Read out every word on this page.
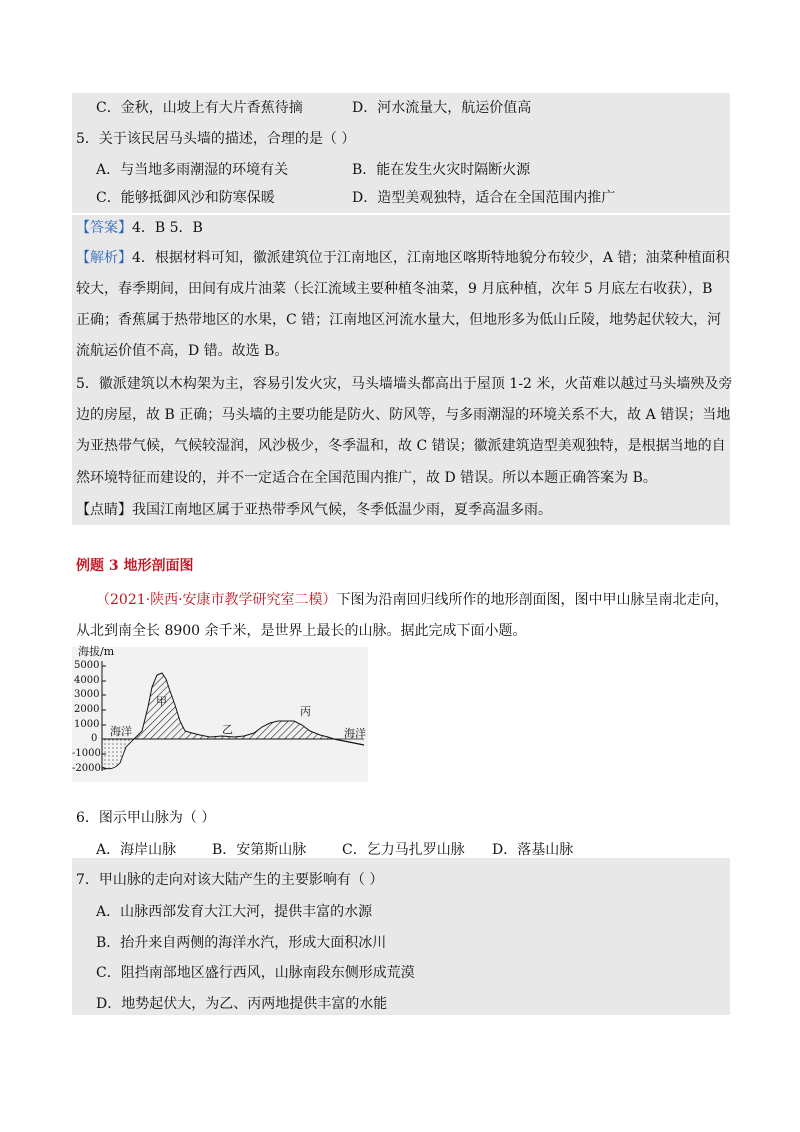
C．金秋，山坡上有大片香蕉待摘	D．河水流量大，航运价值高
5．关于该民居马头墙的描述，合理的是（ ）
A．与当地多雨潮湿的环境有关	B．能在发生火灾时隔断火源
C．能够抵御风沙和防寒保暖	D．造型美观独特，适合在全国范围内推广
【答案】4．B 5．B
【解析】4．根据材料可知，徽派建筑位于江南地区，江南地区喀斯特地貌分布较少，A 错；油菜种植面积
较大，春季期间，田间有成片油菜（长江流域主要种植冬油菜，9 月底种植，次年 5 月底左右收获），B
正确；香蕉属于热带地区的水果，C 错；江南地区河流水量大，但地形多为低山丘陵，地势起伏较大，河
流航运价值不高，D 错。故选 B。
5．徽派建筑以木构架为主，容易引发火灾，马头墙墙头都高出于屋顶 1-2 米，火苗难以越过马头墙殃及旁
边的房屋，故 B 正确；马头墙的主要功能是防火、防风等，与多雨潮湿的环境关系不大，故 A 错误；当地
为亚热带气候，气候较湿润，风沙极少，冬季温和，故 C 错误；徽派建筑造型美观独特，是根据当地的自
然环境特征而建设的，并不一定适合在全国范围内推广，故 D 错误。所以本题正确答案为 B。
【点睛】我国江南地区属于亚热带季风气候，冬季低温少雨，夏季高温多雨。
例题 3 地形剖面图
（2021·陕西·安康市教学研究室二模）下图为沿南回归线所作的地形剖面图，图中甲山脉呈南北走向，
从北到南全长 8900 余千米，是世界上最长的山脉。据此完成下面小题。
海拔/m
5000
4000
3000
2000
1000
0
-1000
-2000
海洋
甲
乙
丙
海洋
6．图示甲山脉为（ ）
A．海岸山脉	B．安第斯山脉	C．乞力马扎罗山脉 D．落基山脉
7．甲山脉的走向对该大陆产生的主要影响有（ ）
A．山脉西部发育大江大河，提供丰富的水源
B．抬升来自两侧的海洋水汽，形成大面积冰川
C．阻挡南部地区盛行西风，山脉南段东侧形成荒漠
D．地势起伏大，为乙、丙两地提供丰富的水能
